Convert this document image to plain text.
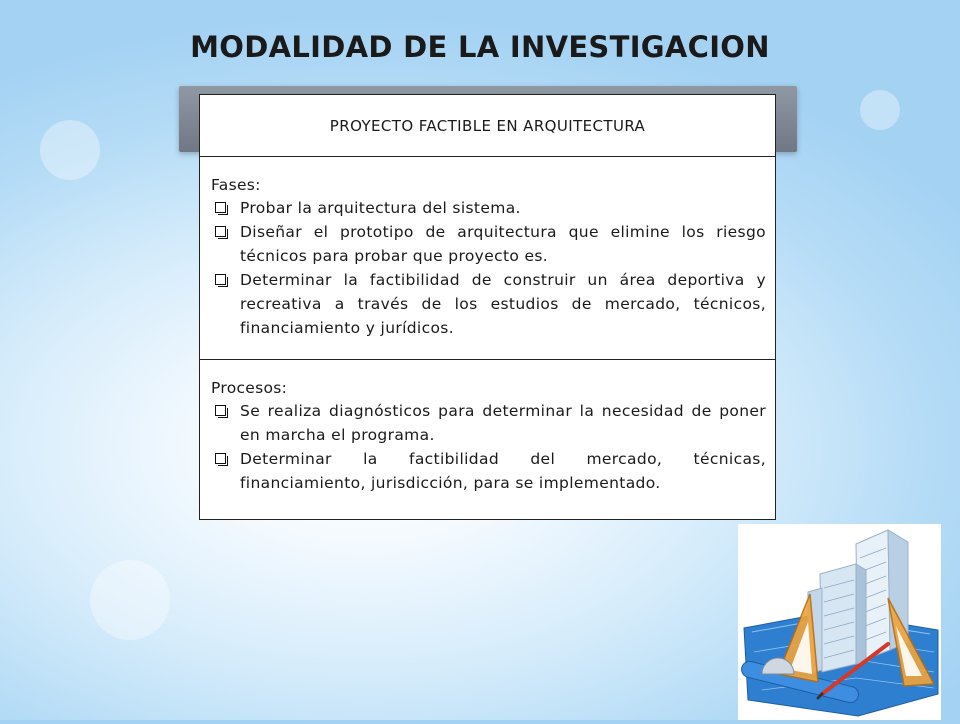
MODALIDAD DE LA INVESTIGACION
PROYECTO FACTIBLE EN ARQUITECTURA
Fases:
Probar la arquitectura del sistema.
Diseñar el prototipo de arquitectura que elimine los riesgo técnicos para probar que proyecto es.
Determinar la factibilidad de construir un área deportiva y recreativa a través de los estudios de mercado, técnicos, financiamiento y jurídicos.
Procesos:
Se realiza diagnósticos para determinar la necesidad de poner en marcha el programa.
Determinar la factibilidad del mercado, técnicas, financiamiento, jurisdicción, para se implementado.
